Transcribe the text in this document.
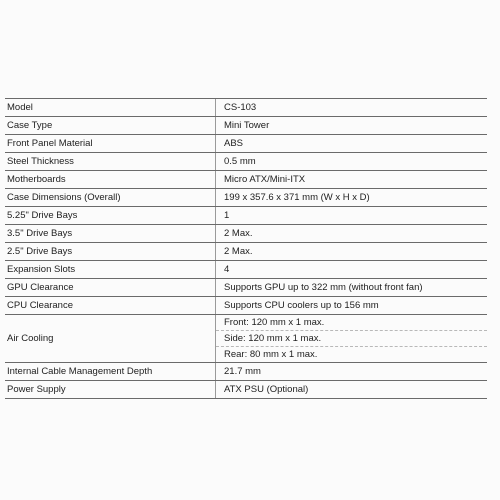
Model	CS-103
Case Type	Mini Tower
Front Panel Material	ABS
Steel Thickness	0.5 mm
Motherboards	Micro ATX/Mini-ITX
Case Dimensions (Overall)	199 x 357.6 x 371 mm (W x H x D)
5.25" Drive Bays	1
3.5" Drive Bays	2 Max.
2.5" Drive Bays	2 Max.
Expansion Slots	4
GPU Clearance	Supports GPU up to 322 mm (without front fan)
CPU Clearance	Supports CPU coolers up to 156 mm
	Front: 120 mm x 1 max.
Air Cooling	Side: 120 mm x 1 max.
	Rear: 80 mm x 1 max.
Internal Cable Management Depth	21.7 mm
Power Supply	ATX PSU (Optional)
